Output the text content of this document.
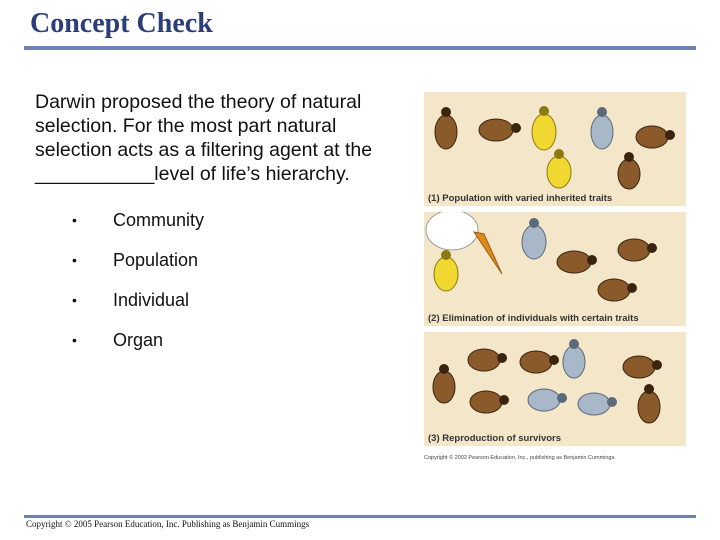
Concept Check
Darwin proposed the theory of natural selection. For the most part natural selection acts as a filtering agent at the ___________level of life’s hierarchy.
• Community
• Population
• Individual
• Organ
(1) Population with varied inherited traits
(2) Elimination of individuals with certain traits
(3) Reproduction of survivors
Copyright © 2002 Pearson Education, Inc., publishing as Benjamin Cummings.
Copyright © 2005 Pearson Education, Inc. Publishing as Benjamin Cummings
